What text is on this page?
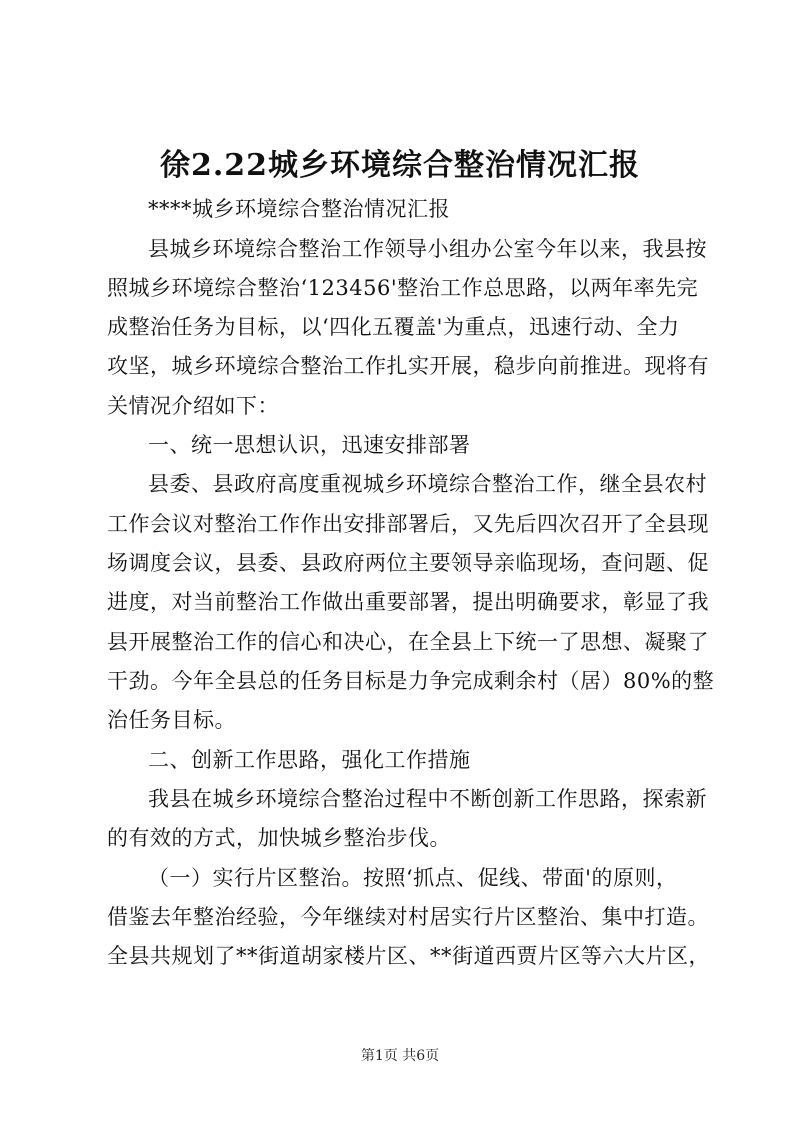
徐2.22城乡环境综合整治情况汇报
****城乡环境综合整治情况汇报
县城乡环境综合整治工作领导小组办公室今年以来，我县按
照城乡环境综合整治‘123456'整治工作总思路，以两年率先完
成整治任务为目标，以‘四化五覆盖'为重点，迅速行动、全力
攻坚，城乡环境综合整治工作扎实开展，稳步向前推进。现将有
关情况介绍如下：
一、统一思想认识，迅速安排部署
县委、县政府高度重视城乡环境综合整治工作，继全县农村
工作会议对整治工作作出安排部署后，又先后四次召开了全县现
场调度会议，县委、县政府两位主要领导亲临现场，查问题、促
进度，对当前整治工作做出重要部署，提出明确要求，彰显了我
县开展整治工作的信心和决心，在全县上下统一了思想、凝聚了
干劲。今年全县总的任务目标是力争完成剩余村（居）80%的整
治任务目标。
二、创新工作思路，强化工作措施
我县在城乡环境综合整治过程中不断创新工作思路，探索新
的有效的方式，加快城乡整治步伐。
（一）实行片区整治。按照‘抓点、促线、带面'的原则，
借鉴去年整治经验，今年继续对村居实行片区整治、集中打造。
全县共规划了**街道胡家楼片区、**街道西贾片区等六大片区，
第1页 共6页
